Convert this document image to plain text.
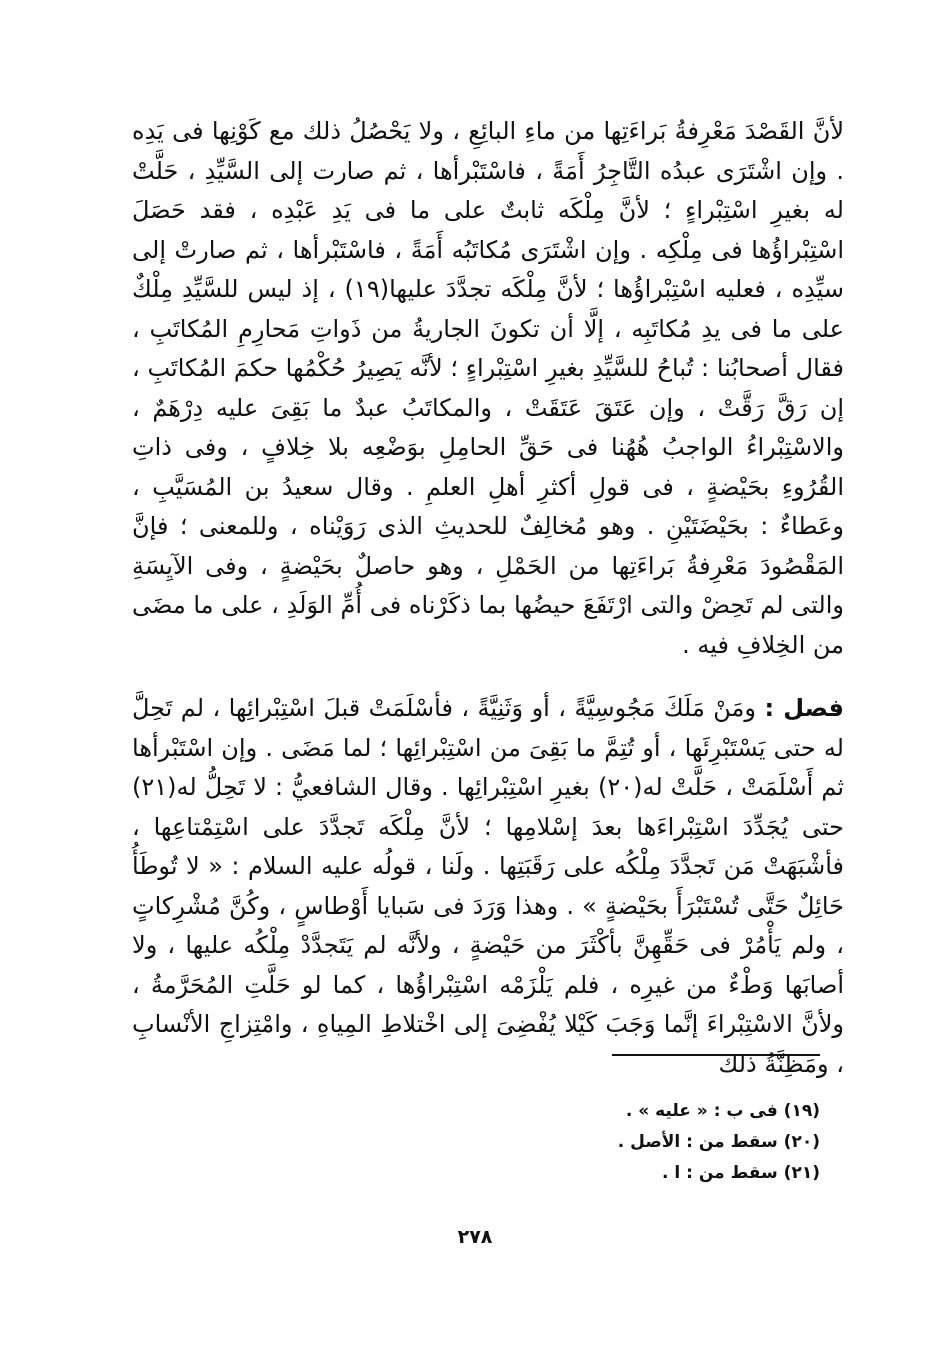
لأنَّ القَصْدَ مَعْرِفةُ بَراءَتِها من ماءِ البائِعِ ، ولا يَحْصُلُ ذلك مع كَوْنِها فى يَدِه . وإن اشْتَرَى عبدُه التَّاجِرُ أَمَةً ، فاسْتَبْرأها ، ثم صارت إلى السَّيِّدِ ، حَلَّتْ له بغيرِ اسْتِبْراءٍ ؛ لأنَّ مِلْكَه ثابتٌ على ما فى يَدِ عَبْدِه ، فقد حَصَلَ اسْتِبْراؤُها فى مِلْكِه . وإن اشْتَرَى مُكاتَبُه أَمَةً ، فاسْتَبْرأها ، ثم صارتْ إلى سيِّدِه ، فعليه اسْتِبْراؤُها ؛ لأنَّ مِلْكَه تجدَّدَ عليها(١٩) ، إذ ليس للسَّيِّدِ مِلْكٌ على ما فى يدِ مُكاتَبِه ، إلَّا أن تكونَ الجاريةُ من ذَواتِ مَحارِمِ المُكاتَبِ ، فقال أصحابُنا : تُباحُ للسَّيِّدِ بغيرِ اسْتِبْراءٍ ؛ لأنَّه يَصِيرُ حُكْمُها حكمَ المُكاتَبِ ، إن رَقَّ رَقَّتْ ، وإن عَتَقَ عَتَقَتْ ، والمكاتَبُ عبدٌ ما بَقِىَ عليه دِرْهَمٌ ، والاسْتِبْراءُ الواجبُ هُهُنا فى حَقِّ الحامِلِ بوَضْعِه بلا خِلافٍ ، وفى ذاتِ القُرُوءِ بحَيْضةٍ ، فى قولِ أكثرِ أهلِ العلمِ . وقال سعيدُ بن المُسَيَّبِ ، وعَطاءٌ : بحَيْضَتَيْنِ . وهو مُخالِفٌ للحديثِ الذى رَوَيْناه ، وللمعنى ؛ فإنَّ المَقْصُودَ مَعْرِفةُ بَراءَتِها من الحَمْلِ ، وهو حاصلٌ بحَيْضةٍ ، وفى الآيِسَةِ والتى لم تَحِضْ والتى ارْتَفَعَ حيضُها بما ذكَرْناه فى أُمِّ الوَلَدِ ، على ما مضَى من الخِلافِ فيه .

فصل : ومَنْ مَلَكَ مَجُوسِيَّةً ، أو وَثَنِيَّةً ، فأسْلَمَتْ قبلَ اسْتِبْرائِها ، لم تَحِلَّ له حتى يَسْتَبْرِئَها ، أو تُتِمَّ ما بَقِىَ من اسْتِبْرائِها ؛ لما مَضَى . وإن اسْتَبْرأها ثم أَسْلَمَتْ ، حَلَّتْ له(٢٠) بغيرِ اسْتِبْرائِها . وقال الشافعيُّ : لا تَحِلُّ له(٢١) حتى يُجَدِّدَ اسْتِبْراءَها بعدَ إسْلامِها ؛ لأنَّ مِلْكَه تَجدَّدَ على اسْتِمْتاعِها ، فأشْبَهَتْ مَن تَجدَّدَ مِلْكُه على رَقَبَتِها . ولَنا ، قولُه عليه السلام : « لا تُوطَأُ حَائِلٌ حَتَّى تُسْتَبْرَأَ بحَيْضةٍ » . وهذا وَرَدَ فى سَبايا أَوْطاسٍ ، وكُنَّ مُشْرِكاتٍ ، ولم يَأْمُرْ فى حَقِّهِنَّ بأكْثَرَ من حَيْضةٍ ، ولأنَّه لم يَتَجدَّدْ مِلْكُه عليها ، ولا أصابَها وَطْءٌ من غيرِه ، فلم يَلْزَمْه اسْتِبْراؤُها ، كما لو حَلَّتِ المُحَرَّمةُ ، ولأنَّ الاسْتِبْراءَ إنَّما وَجَبَ كَيْلا يُفْضِىَ إلى اخْتلاطِ المِياهِ ، وامْتِزاجِ الأنْسابِ ، ومَظِنَّةُ ذلك

(١٩) فى ب : « عليه » .
(٢٠) سقط من : الأصل .
(٢١) سقط من : ا .
٢٧٨
